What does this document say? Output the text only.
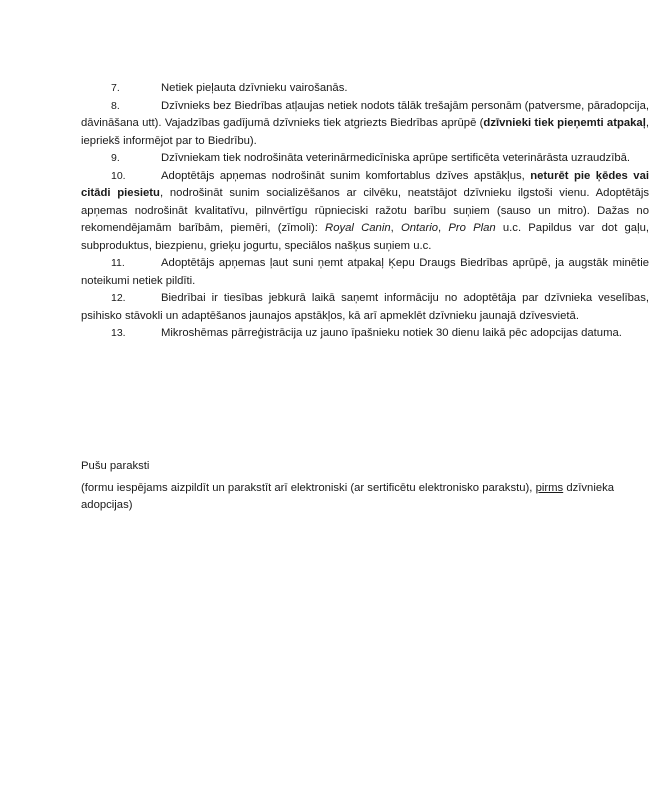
7.	Netiek pieļauta dzīvnieku vairošanās.

8.	Dzīvnieks bez Biedrības atļaujas netiek nodots tālāk trešajām personām (patversme, pāradopcija, dāvināšana utt). Vajadzības gadījumā dzīvnieks tiek atgriezts Biedrības aprūpē (dzīvnieki tiek pieņemti atpakaļ, iepriekš informējot par to Biedrību).

9.	Dzīvniekam tiek nodrošināta veterinārmedicīniska aprūpe sertificēta veterinārāsta uzraudzībā.

10.	Adoptētājs apņemas nodrošināt sunim komfortablus dzīves apstākļus, neturēt pie ķēdes vai citādi piesietu, nodrošināt sunim socializēšanos ar cilvēku, neatstājot dzīvnieku ilgstoši vienu. Adoptētājs apņemas nodrošināt kvalitatīvu, pilnvērtīgu rūpnieciski ražotu barību suņiem (sauso un mitro). Dažas no rekomendējamām barībām, piemēri, (zīmoli): Royal Canin, Ontario, Pro Plan u.c. Papildus var dot gaļu, subproduktus, biezpienu, grieķu jogurtu, speciālos našķus suņiem u.c.

11.	Adoptētājs apņemas ļaut suni ņemt atpakaļ Ķepu Draugs Biedrības aprūpē, ja augstāk minētie noteikumi netiek pildīti.

12.	Biedrībai ir tiesības jebkurā laikā saņemt informāciju no adoptētāja par dzīvnieka veselības, psihisko stāvokli un adaptēšanos jaunajos apstākļos, kā arī apmeklēt dzīvnieku jaunajā dzīvesvietā.

13.	Mikroshēmas pārreģistrācija uz jauno īpašnieku notiek 30 dienu laikā pēc adopcijas datuma.

Pušu paraksti

(formu iespējams aizpildīt un parakstīt arī elektroniski (ar sertificētu elektronisko parakstu), pirms dzīvnieka adopcijas)
